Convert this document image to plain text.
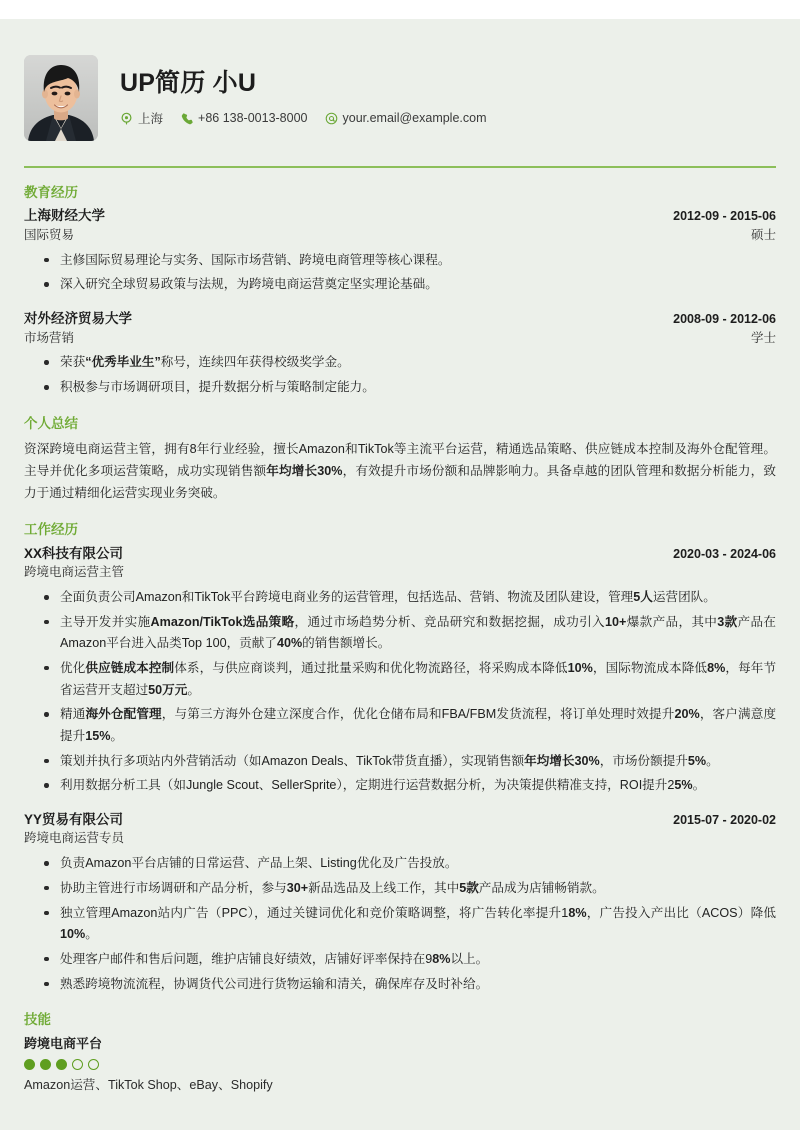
UP简历 小U
上海	+86 138-0013-8000	your.email@example.com
教育经历
上海财经大学	2012-09 - 2015-06
国际贸易	硕士
主修国际贸易理论与实务、国际市场营销、跨境电商管理等核心课程。
深入研究全球贸易政策与法规，为跨境电商运营奠定坚实理论基础。
对外经济贸易大学	2008-09 - 2012-06
市场营销	学士
荣获“优秀毕业生”称号，连续四年获得校级奖学金。
积极参与市场调研项目，提升数据分析与策略制定能力。
个人总结
资深跨境电商运营主管，拥有8年行业经验，擅长Amazon和TikTok等主流平台运营，精通选品策略、供应链成本控制及海外仓配管理。主导并优化多项运营策略，成功实现销售额年均增长30%，有效提升市场份额和品牌影响力。具备卓越的团队管理和数据分析能力，致力于通过精细化运营实现业务突破。
工作经历
XX科技有限公司	2020-03 - 2024-06
跨境电商运营主管
全面负责公司Amazon和TikTok平台跨境电商业务的运营管理，包括选品、营销、物流及团队建设，管理5人运营团队。
主导开发并实施Amazon/TikTok选品策略，通过市场趋势分析、竞品研究和数据挖掘，成功引入10+爆款产品，其中3款产品在Amazon平台进入品类Top 100，贡献了40%的销售额增长。
优化供应链成本控制体系，与供应商谈判，通过批量采购和优化物流路径，将采购成本降低10%，国际物流成本降低8%，每年节省运营开支超过50万元。
精通海外仓配管理，与第三方海外仓建立深度合作，优化仓储布局和FBA/FBM发货流程，将订单处理时效提升20%，客户满意度提升15%。
策划并执行多项站内外营销活动（如Amazon Deals、TikTok带货直播），实现销售额年均增长30%，市场份额提升5%。
利用数据分析工具（如Jungle Scout、SellerSprite），定期进行运营数据分析，为决策提供精准支持，ROI提升25%。
YY贸易有限公司	2015-07 - 2020-02
跨境电商运营专员
负责Amazon平台店铺的日常运营、产品上架、Listing优化及广告投放。
协助主管进行市场调研和产品分析，参与30+新品选品及上线工作，其中5款产品成为店铺畅销款。
独立管理Amazon站内广告（PPC），通过关键词优化和竞价策略调整，将广告转化率提升18%，广告投入产出比（ACOS）降低10%。
处理客户邮件和售后问题，维护店铺良好绩效，店铺好评率保持在98%以上。
熟悉跨境物流流程，协调货代公司进行货物运输和清关，确保库存及时补给。
技能
跨境电商平台
Amazon运营、TikTok Shop、eBay、Shopify
